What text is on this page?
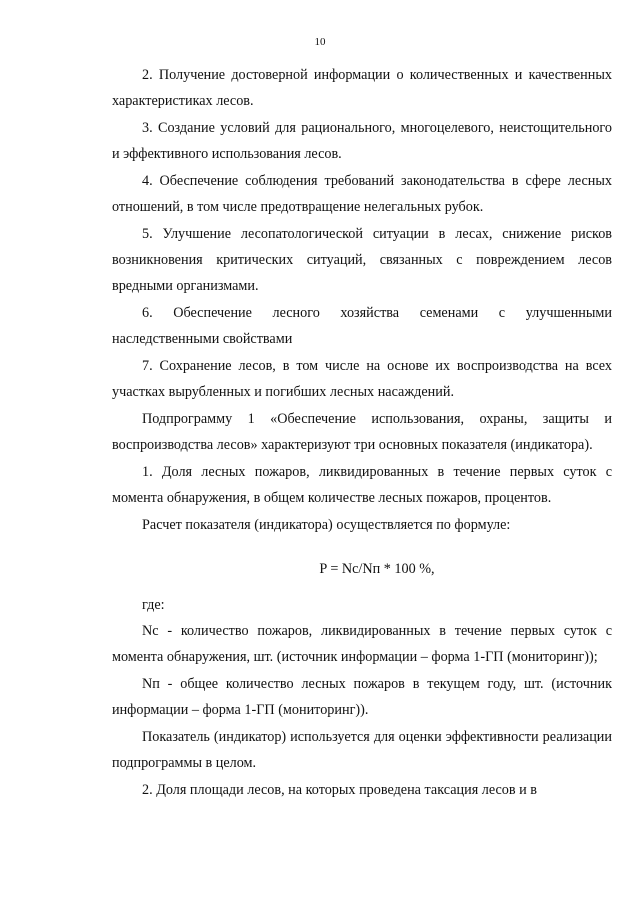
10

2. Получение достоверной информации о количественных и качественных характеристиках лесов.

3. Создание условий для рационального, многоцелевого, неистощительного и эффективного использования лесов.

4. Обеспечение соблюдения требований законодательства в сфере лесных отношений, в том числе предотвращение нелегальных рубок.

5. Улучшение лесопатологической ситуации в лесах, снижение рисков возникновения критических ситуаций, связанных с повреждением лесов вредными организмами.

6. Обеспечение лесного хозяйства семенами с улучшенными наследственными свойствами

7. Сохранение лесов, в том числе на основе их воспроизводства на всех участках вырубленных и погибших лесных насаждений.

Подпрограмму 1 «Обеспечение использования, охраны, защиты и воспроизводства лесов» характеризуют три основных показателя (индикатора).

1. Доля лесных пожаров, ликвидированных в течение первых суток с момента обнаружения, в общем количестве лесных пожаров, процентов.

Расчет показателя (индикатора) осуществляется по формуле:

P = Nс/Nп * 100 %,

где:

Nс - количество пожаров, ликвидированных в течение первых суток с момента обнаружения, шт. (источник информации – форма 1-ГП (мониторинг));

Nп - общее количество лесных пожаров в текущем году, шт. (источник информации – форма 1-ГП (мониторинг)).

Показатель (индикатор) используется для оценки эффективности реализации подпрограммы в целом.

2. Доля площади лесов, на которых проведена таксация лесов и в
